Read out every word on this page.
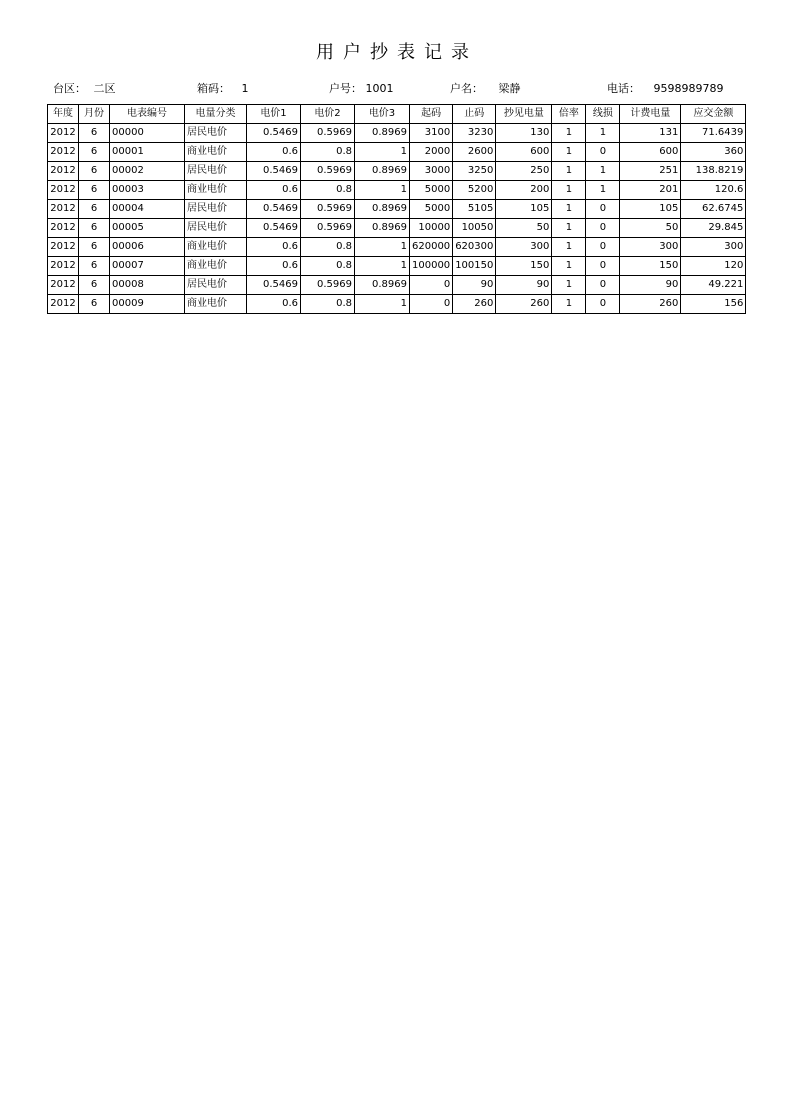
用户抄表记录
台区： 二区	箱码： 1	户号： 1001	户名： 梁静	电话： 9598989789
年度	月份	电表编号	电量分类	电价1	电价2	电价3	起码	止码	抄见电量	倍率	线损	计费电量	应交金额
2012	6	00000	居民电价	0.5469	0.5969	0.8969	3100	3230	130	1	1	131	71.6439
2012	6	00001	商业电价	0.6	0.8	1	2000	2600	600	1	0	600	360
2012	6	00002	居民电价	0.5469	0.5969	0.8969	3000	3250	250	1	1	251	138.8219
2012	6	00003	商业电价	0.6	0.8	1	5000	5200	200	1	1	201	120.6
2012	6	00004	居民电价	0.5469	0.5969	0.8969	5000	5105	105	1	0	105	62.6745
2012	6	00005	居民电价	0.5469	0.5969	0.8969	10000	10050	50	1	0	50	29.845
2012	6	00006	商业电价	0.6	0.8	1	620000	620300	300	1	0	300	300
2012	6	00007	商业电价	0.6	0.8	1	100000	100150	150	1	0	150	120
2012	6	00008	居民电价	0.5469	0.5969	0.8969	0	90	90	1	0	90	49.221
2012	6	00009	商业电价	0.6	0.8	1	0	260	260	1	0	260	156
